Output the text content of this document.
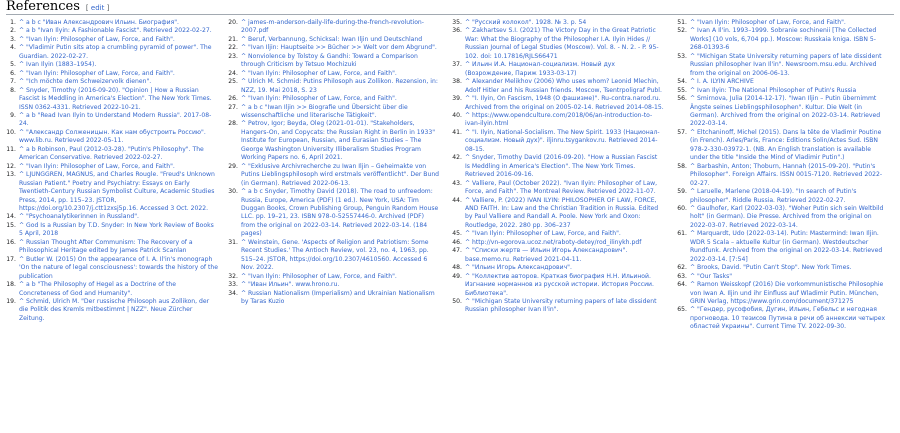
References [ edit ]
1. ^ a b c "Иван Александрович Ильин. Биография".
2. ^ a b "Ivan Ilyin: A Fashionable Fascist". Retrieved 2022-02-27.
3. ^ "Ivan Ilyin: Philosopher of Law, Force, and Faith".
4. ^ "Vladimir Putin sits atop a crumbling pyramid of power". The Guardian. 2022-02-27.
5. ^ Ivan Ilyin (1883–1954).
6. ^ "Ivan Ilyin: Philosopher of Law, Force, and Faith".
7. ^ "Ich möchte dem Schweizervolk dienen".
8. ^ Snyder, Timothy (2016-09-20). "Opinion | How a Russian Fascist Is Meddling in America's Election". The New York Times. ISSN 0362-4331. Retrieved 2022-10-21.
9. ^ a b "Read Ivan Ilyin to Understand Modern Russia". 2017-08-24.
10. ^ "Александр Солженицын. Как нам обустроить Россию". www.lib.ru. Retrieved 2022-05-11.
11. ^ a b Robinson, Paul (2012-03-28). "Putin's Philosophy". The American Conservative. Retrieved 2022-02-27.
12. ^ "Ivan Ilyin: Philosopher of Law, Force, and Faith".
13. ^ LJUNGGREN, MAGNUS, and Charles Rougle. "Freud's Unknown Russian Patient." Poetry and Psychiatry: Essays on Early Twentieth-Century Russian Symbolist Culture, Academic Studies Press, 2014, pp. 115–23. JSTOR, https://doi.org/10.2307/j.ctt1zxsj5p.16. Accessed 3 Oct. 2022.
14. ^ "Psychoanalytikerinnen in Russland".
15. ^ God Is a Russian by T.D. Snyder: In New York Review of Books 5 April, 2018
16. ^ Russian Thought After Communism: The Recovery of a Philosophical Heritage edited by James Patrick Scanlan
17. ^ Butler W. (2015) On the appearance of I. A. Il'in's monograph 'On the nature of legal consciousness': towards the history of the publication
18. ^ a b "The Philosophy of Hegel as a Doctrine of the Concreteness of God and Humanity".
19. ^ Schmid, Ulrich M. "Der russische Philosoph aus Zollikon, der die Politik des Kremls mitbestimmt | NZZ". Neue Zürcher Zeitung.
20. ^ james-m-anderson-daily-life-during-the-french-revolution-2007.pdf
21. ^ Beruf, Verbannung, Schicksal: Iwan Iljin und Deutschland
22. ^ "Ivan Iljin: Hauptseite >> Bücher >> Welt vor dem Abgrund".
23. ^ Nonviolence by Tolstoy & Gandhi: Toward a Comparison through Criticism by Tetsuo Mochizuki
24. ^ "Ivan Ilyin: Philosopher of Law, Force, and Faith".
25. ^ Ulrich M. Schmid: Putins Philosoph aus Zollikon. Rezension, in: NZZ, 19. Mai 2018, S. 23
26. ^ "Ivan Ilyin: Philosopher of Law, Force, and Faith".
27. ^ a b c "Iwan Iljin >> Biografie und Übersicht über die wissenschaftliche und literarische Tätigkeit".
28. ^ Petrov, Igor; Beyda, Oleg (2021-01-01). "Stakeholders, Hangers-On, and Copycats: the Russian Right in Berlin in 1933" Institute for European, Russian, and Eurasian Studies – The George Washington University Illiberalism Studies Program Working Papers no. 6, April 2021.
29. ^ "Exklusive Archivrecherche zu Iwan Iljin – Geheimakte von Putins Lieblingsphilosoph wird erstmals veröffentlicht". Der Bund (in German). Retrieved 2022-06-13.
30. ^ a b c Snyder, Timothy David (2018). The road to unfreedom: Russia, Europe, America (PDF) (1 ed.). New York, USA: Tim Duggan Books, Crown Publishing Group, Penguin Random House LLC. pp. 19–21, 23. ISBN 978-0-52557446-0. Archived (PDF) from the original on 2022-03-14. Retrieved 2022-03-14. (184 pages)
31. ^ Weinstein, Gene. 'Aspects of Religion and Patriotism: Some Recent Studies.' The Antioch Review, vol. 23, no. 4, 1963, pp. 515–24. JSTOR, https://doi.org/10.2307/4610560. Accessed 6 Nov. 2022.
32. ^ "Ivan Ilyin: Philosopher of Law, Force, and Faith".
33. ^ "Иван Ильин". www.hrono.ru.
34. ^ Russian Nationalism (Imperialism) and Ukrainian Nationalism by Taras Kuzio
35. ^ "Русский колокол". 1928. № 3. p. 54
36. ^ Zakhartsev S.I. (2021) The Victory Day in the Great Patriotic War: What the Biography of the Philosopher I.A. Ilyin Hides // Russian Journal of Legal Studies (Moscow). Vol. 8. - N. 2. - P. 95-102. doi: 10.17816/RJLS66471
37. ^ Ильин И.А. Национал-социализм. Новый дух (Возрождение, Париж 1933-03-17)
38. ^ Alexander Melikhov (2006) Who uses whom? Leonid Mlechin, Adolf Hitler and his Russian friends. Moscow, Tsentrpoligraf Publ.
39. ^ "I. Ilyin, On Fascism, 1948 (О фашизме)". Ru-contra.narod.ru. Archived from the original on 2005-02-14. Retrieved 2014-08-15.
40. ^ https://www.opendculture.com/2018/06/an-introduction-to-ivan-ilyin.html
41. ^ "I. Ilyin, National-Socialism. The New Spirit. 1933 (Национал-социализм. Новый дух)". iljinru.tsygankov.ru. Retrieved 2014-08-15.
42. ^ Snyder, Timothy David (2016-09-20). "How a Russian Fascist Is Meddling in America's Election". The New York Times. Retrieved 2016-09-16.
43. ^ Valliere, Paul (October 2022). "Ivan Ilyin: Philosopher of Law, Force, and Faith". The Montreal Review. Retrieved 2022-11-07.
44. ^ Valliere, P. (2022) IVAN ILYIN: PHILOSOPHER OF LAW, FORCE, AND FAITH. In: Law and the Christian Tradition in Russia. Edited by Paul Valliere and Randall A. Poole. New York and Oxon: Routledge, 2022. 280 pp. 306–237
45. ^ "Ivan Ilyin: Philosopher of Law, Force, and Faith".
46. ^ http://vn-egorova.ucoz.net/raboty-detey/rod_ilinykh.pdf
47. ^ "Списки жертв — Ильин Игорь Александрович". base.memo.ru. Retrieved 2021-04-11.
48. ^ "Ильин Игорь Александрович".
49. ^ "Коллектив авторов. Краткая биография Н.Н. Ильиной. Изгнание норманнов из русской истории. История России. Библиотека".
50. ^ "Michigan State University returning papers of late dissident Russian philosopher Ivan Il'in".
51. ^ "Ivan Ilyin: Philosopher of Law, Force, and Faith".
52. ^ Ivan A Il'in. 1993–1999. Sobranie sochinenii [The Collected Works] (10 vols, 6,704 pp.). Moscow: Russkaia kniga. ISBN 5-268-01393-6
53. ^ "Michigan State University returning papers of late dissident Russian philosopher Ivan Il'in". Newsroom.msu.edu. Archived from the original on 2006-06-13.
54. ^ I. A. ILYIN ARCHIVE
55. ^ Ivan Ilyin: The National Philosopher of Putin's Russia
56. ^ Smirnova, Julia (2014-12-17). "Iwan Iljin – Putin übernimmt Ängste seines Lieblingsphilosophen". Kultur. Die Welt (in German). Archived from the original on 2022-03-14. Retrieved 2022-03-14.
57. ^ Eltchaninoff, Michel (2015). Dans la tête de Vladimir Poutine (in French). Arles/Paris, France: Editions Solin/Actes Sud. ISBN 978-2-330-03972-1. (NB. An English translation is available under the title "Inside the Mind of Vladimir Putin".)
58. ^ Barbashin, Anton; Thoburn, Hannah (2015-09-20). "Putin's Philosopher". Foreign Affairs. ISSN 0015-7120. Retrieved 2022-02-27.
59. ^ Laruelle, Marlene (2018-04-19). "In search of Putin's philosopher". Riddle Russia. Retrieved 2022-02-27.
60. ^ Gaulhofer, Karl (2022-03-03). "Woher Putin sich sein Weltbild holt" (in German). Die Presse. Archived from the original on 2022-03-07. Retrieved 2022-03-14.
61. ^ Marquardt, Udo (2022-03-14). Putin: Mastermind: Iwan Iljin. WDR 5 Scala – aktuelle Kultur (in German). Westdeutscher Rundfunk. Archived from the original on 2022-03-14. Retrieved 2022-03-14. [7:54]
62. ^ Brooks, David. "Putin Can't Stop". New York Times.
63. ^ "Our Tasks"
64. ^ Ramon Weisskopf (2016) Die vorkommunistische Philosophie von Iwan A. Iljin und ihr Einfluss auf Wladimir Putin. München, GRIN Verlag, https://www.grin.com/document/371275
65. ^ "Гендер, русофобия, Дугин, Ильин, Гебельс и негодная прогновода. 10 тезисов Путина в речи об аннексии четырех областей Украины". Current Time TV. 2022-09-30.
